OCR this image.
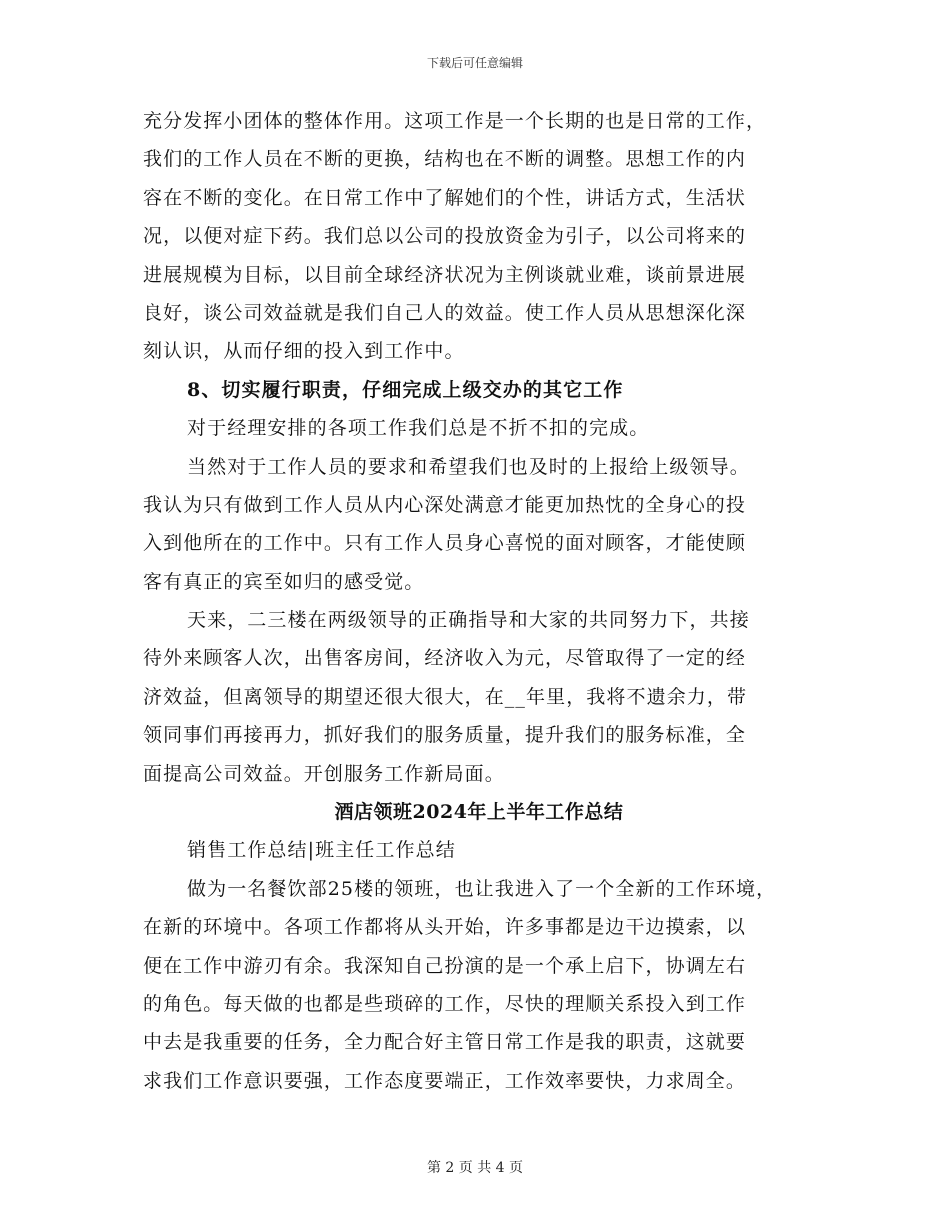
下载后可任意编辑
充分发挥小团体的整体作用。这项工作是一个长期的也是日常的工作，
我们的工作人员在不断的更换，结构也在不断的调整。思想工作的内
容在不断的变化。在日常工作中了解她们的个性，讲话方式，生活状
况，以便对症下药。我们总以公司的投放资金为引子，以公司将来的
进展规模为目标，以目前全球经济状况为主例谈就业难，谈前景进展
良好，谈公司效益就是我们自己人的效益。使工作人员从思想深化深
刻认识，从而仔细的投入到工作中。
8、切实履行职责，仔细完成上级交办的其它工作
对于经理安排的各项工作我们总是不折不扣的完成。
当然对于工作人员的要求和希望我们也及时的上报给上级领导。
我认为只有做到工作人员从内心深处满意才能更加热忱的全身心的投
入到他所在的工作中。只有工作人员身心喜悦的面对顾客，才能使顾
客有真正的宾至如归的感受觉。
天来，二三楼在两级领导的正确指导和大家的共同努力下，共接
待外来顾客人次，出售客房间，经济收入为元，尽管取得了一定的经
济效益，但离领导的期望还很大很大，在__年里，我将不遗余力，带
领同事们再接再力，抓好我们的服务质量，提升我们的服务标准，全
面提高公司效益。开创服务工作新局面。
酒店领班2024年上半年工作总结
销售工作总结|班主任工作总结
做为一名餐饮部25楼的领班，也让我进入了一个全新的工作环境，
在新的环境中。各项工作都将从头开始，许多事都是边干边摸索，以
便在工作中游刃有余。我深知自己扮演的是一个承上启下，协调左右
的角色。每天做的也都是些琐碎的工作，尽快的理顺关系投入到工作
中去是我重要的任务，全力配合好主管日常工作是我的职责，这就要
求我们工作意识要强，工作态度要端正，工作效率要快，力求周全。
第 2 页 共 4 页
